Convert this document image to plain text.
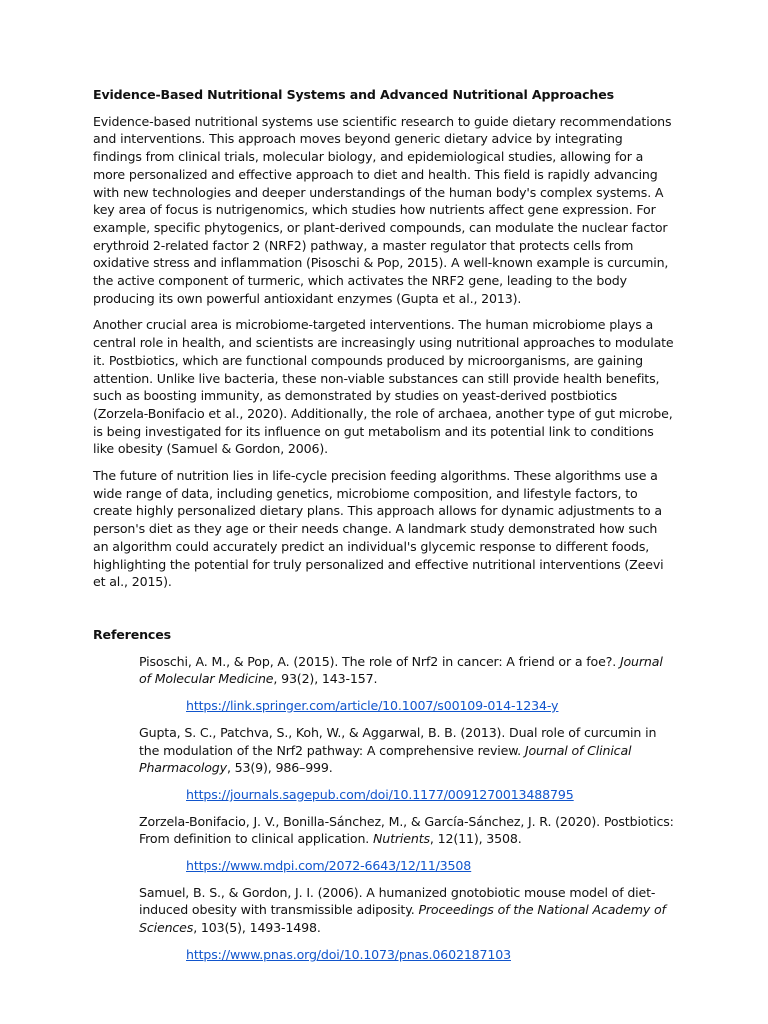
Evidence-Based Nutritional Systems and Advanced Nutritional Approaches

Evidence-based nutritional systems use scientific research to guide dietary recommendations and interventions. This approach moves beyond generic dietary advice by integrating findings from clinical trials, molecular biology, and epidemiological studies, allowing for a more personalized and effective approach to diet and health. This field is rapidly advancing with new technologies and deeper understandings of the human body's complex systems. A key area of focus is nutrigenomics, which studies how nutrients affect gene expression. For example, specific phytogenics, or plant-derived compounds, can modulate the nuclear factor erythroid 2-related factor 2 (NRF2) pathway, a master regulator that protects cells from oxidative stress and inflammation (Pisoschi & Pop, 2015). A well-known example is curcumin, the active component of turmeric, which activates the NRF2 gene, leading to the body producing its own powerful antioxidant enzymes (Gupta et al., 2013).

Another crucial area is microbiome-targeted interventions. The human microbiome plays a central role in health, and scientists are increasingly using nutritional approaches to modulate it. Postbiotics, which are functional compounds produced by microorganisms, are gaining attention. Unlike live bacteria, these non-viable substances can still provide health benefits, such as boosting immunity, as demonstrated by studies on yeast-derived postbiotics (Zorzela-Bonifacio et al., 2020). Additionally, the role of archaea, another type of gut microbe, is being investigated for its influence on gut metabolism and its potential link to conditions like obesity (Samuel & Gordon, 2006).

The future of nutrition lies in life-cycle precision feeding algorithms. These algorithms use a wide range of data, including genetics, microbiome composition, and lifestyle factors, to create highly personalized dietary plans. This approach allows for dynamic adjustments to a person's diet as they age or their needs change. A landmark study demonstrated how such an algorithm could accurately predict an individual's glycemic response to different foods, highlighting the potential for truly personalized and effective nutritional interventions (Zeevi et al., 2015).

References
Pisoschi, A. M., & Pop, A. (2015). The role of Nrf2 in cancer: A friend or a foe?. Journal of Molecular Medicine, 93(2), 143-157.
https://link.springer.com/article/10.1007/s00109-014-1234-y
Gupta, S. C., Patchva, S., Koh, W., & Aggarwal, B. B. (2013). Dual role of curcumin in the modulation of the Nrf2 pathway: A comprehensive review. Journal of Clinical Pharmacology, 53(9), 986–999.
https://journals.sagepub.com/doi/10.1177/0091270013488795
Zorzela-Bonifacio, J. V., Bonilla-Sánchez, M., & García-Sánchez, J. R. (2020). Postbiotics: From definition to clinical application. Nutrients, 12(11), 3508.
https://www.mdpi.com/2072-6643/12/11/3508
Samuel, B. S., & Gordon, J. I. (2006). A humanized gnotobiotic mouse model of diet-induced obesity with transmissible adiposity. Proceedings of the National Academy of Sciences, 103(5), 1493-1498.
https://www.pnas.org/doi/10.1073/pnas.0602187103
